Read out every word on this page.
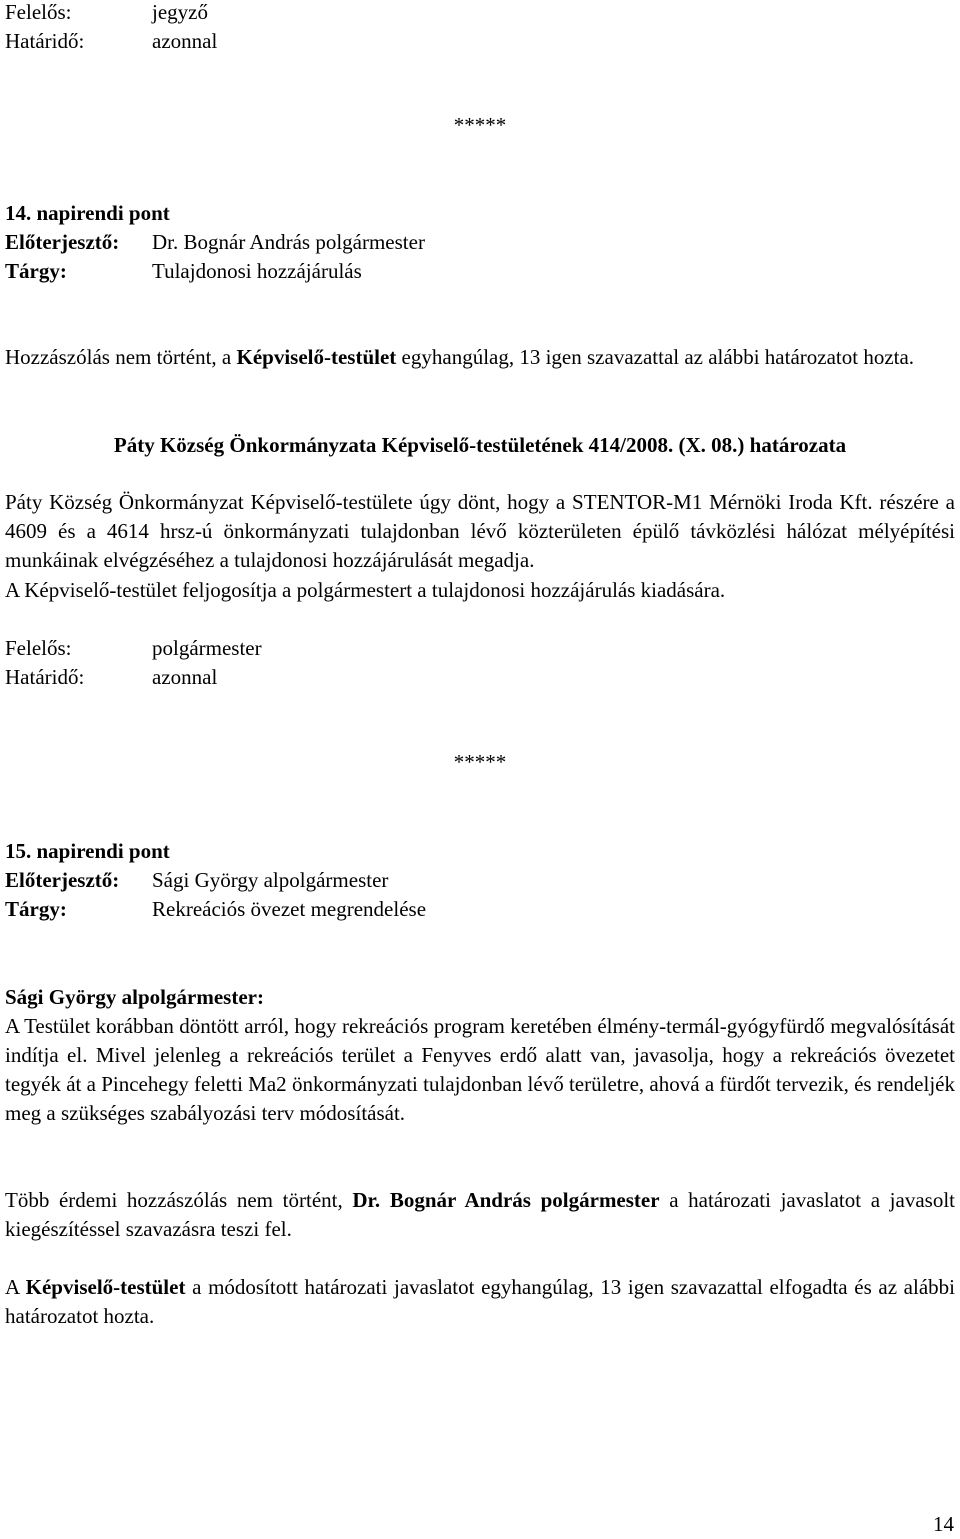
Felelős:	jegyző
Határidő:	azonnal
*****
14. napirendi pont
Előterjesztő: Dr. Bognár András polgármester
Tárgy:	Tulajdonosi hozzájárulás
Hozzászólás nem történt, a Képviselő-testület egyhangúlag, 13 igen szavazattal az alábbi határozatot hozta.
Páty Község Önkormányzata Képviselő-testületének 414/2008. (X. 08.) határozata
Páty Község Önkormányzat Képviselő-testülete úgy dönt, hogy a STENTOR-M1 Mérnöki Iroda Kft. részére a 4609 és a 4614 hrsz-ú önkormányzati tulajdonban lévő közterületen épülő távközlési hálózat mélyépítési munkáinak elvégzéséhez a tulajdonosi hozzájárulását megadja.
A Képviselő-testület feljogosítja a polgármestert a tulajdonosi hozzájárulás kiadására.
Felelős:	polgármester
Határidő:	azonnal
*****
15. napirendi pont
Előterjesztő: Sági György alpolgármester
Tárgy:	Rekreációs övezet megrendelése
Sági György alpolgármester:
A Testület korábban döntött arról, hogy rekreációs program keretében élmény-termál-gyógyfürdő megvalósítását indítja el. Mivel jelenleg a rekreációs terület a Fenyves erdő alatt van, javasolja, hogy a rekreációs övezetet tegyék át a Pincehegy feletti Ma2 önkormányzati tulajdonban lévő területre, ahová a fürdőt tervezik, és rendeljék meg a szükséges szabályozási terv módosítását.
Több érdemi hozzászólás nem történt, Dr. Bognár András polgármester a határozati javaslatot a javasolt kiegészítéssel szavazásra teszi fel.
A Képviselő-testület a módosított határozati javaslatot egyhangúlag, 13 igen szavazattal elfogadta és az alábbi határozatot hozta.
14
